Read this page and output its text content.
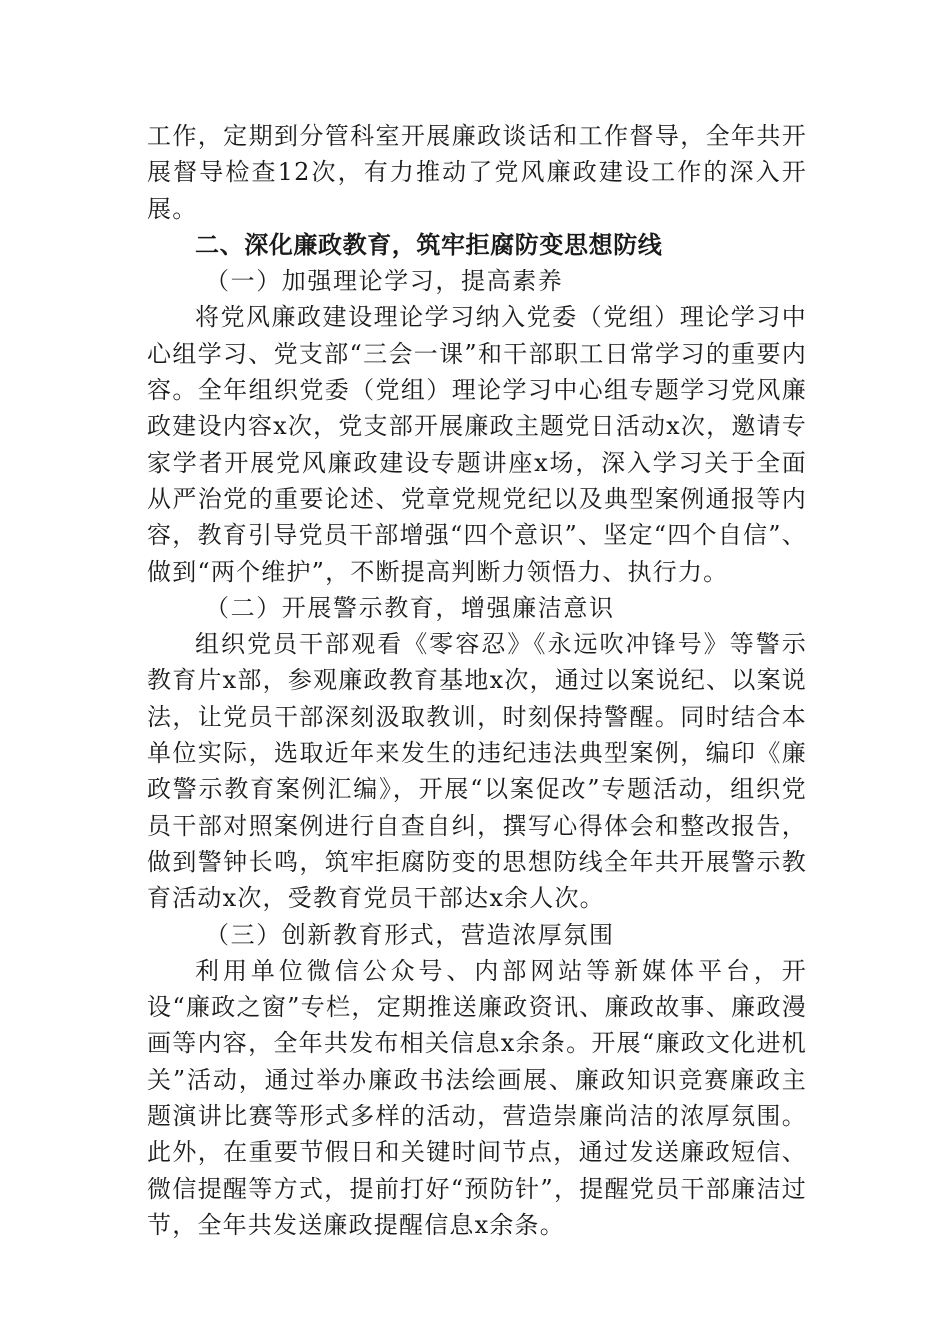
工作，定期到分管科室开展廉政谈话和工作督导，全年共开展督导检查12次，有力推动了党风廉政建设工作的深入开展。

二、深化廉政教育，筑牢拒腐防变思想防线

（一）加强理论学习，提高素养

将党风廉政建设理论学习纳入党委（党组）理论学习中心组学习、党支部“三会一课”和干部职工日常学习的重要内容。全年组织党委（党组）理论学习中心组专题学习党风廉政建设内容x次，党支部开展廉政主题党日活动x次，邀请专家学者开展党风廉政建设专题讲座x场，深入学习关于全面从严治党的重要论述、党章党规党纪以及典型案例通报等内容，教育引导党员干部增强“四个意识”、坚定“四个自信”、做到“两个维护”，不断提高判断力领悟力、执行力。

（二）开展警示教育，增强廉洁意识

组织党员干部观看《零容忍》《永远吹冲锋号》等警示教育片x部，参观廉政教育基地x次，通过以案说纪、以案说法，让党员干部深刻汲取教训，时刻保持警醒。同时结合本单位实际，选取近年来发生的违纪违法典型案例，编印《廉政警示教育案例汇编》，开展“以案促改”专题活动，组织党员干部对照案例进行自查自纠，撰写心得体会和整改报告，做到警钟长鸣，筑牢拒腐防变的思想防线全年共开展警示教育活动x次，受教育党员干部达x余人次。

（三）创新教育形式，营造浓厚氛围

利用单位微信公众号、内部网站等新媒体平台，开设“廉政之窗”专栏，定期推送廉政资讯、廉政故事、廉政漫画等内容，全年共发布相关信息x余条。开展“廉政文化进机关”活动，通过举办廉政书法绘画展、廉政知识竞赛廉政主题演讲比赛等形式多样的活动，营造崇廉尚洁的浓厚氛围。此外，在重要节假日和关键时间节点，通过发送廉政短信、微信提醒等方式，提前打好“预防针”，提醒党员干部廉洁过节，全年共发送廉政提醒信息x余条。
